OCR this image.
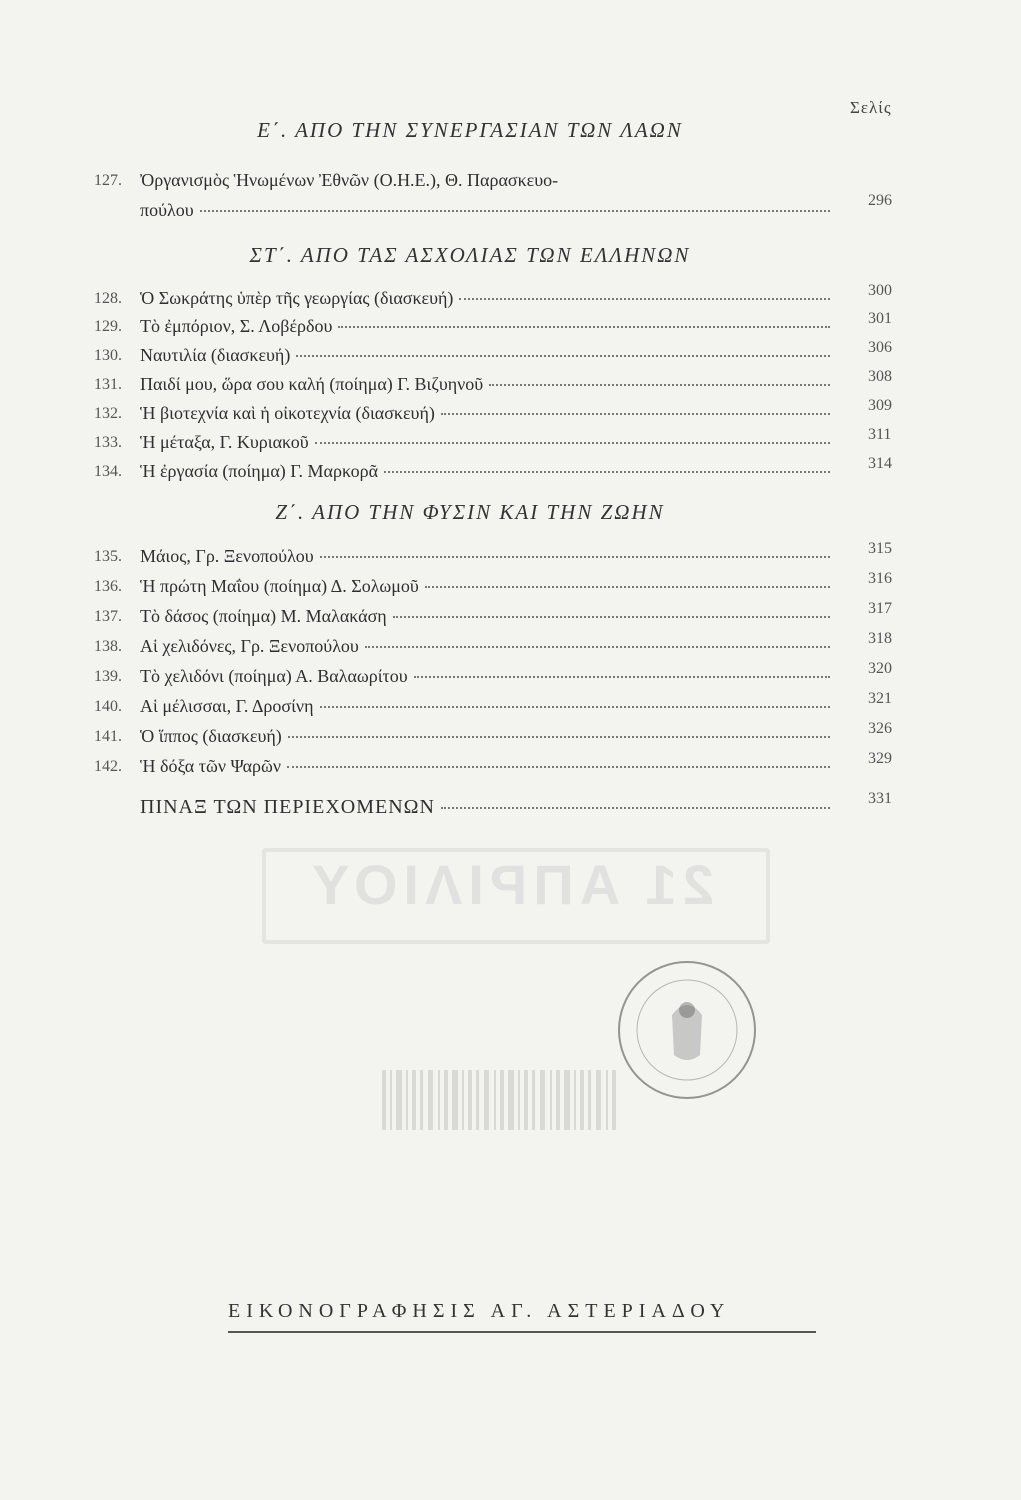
Σελίς
Ε΄. ΑΠΟ ΤΗΝ ΣΥΝΕΡΓΑΣΙΑΝ ΤΩΝ ΛΑΩΝ
127. Ὀργανισμὸς Ἡνωμένων Ἐθνῶν (Ο.Η.Ε.), Θ. Παρασκευο-
πούλου	296
ΣΤ΄. ΑΠΟ ΤΑΣ ΑΣΧΟΛΙΑΣ ΤΩΝ ΕΛΛΗΝΩΝ
128. Ὁ Σωκράτης ὑπὲρ τῆς γεωργίας (διασκευή)	300
129. Τὸ ἐμπόριον, Σ. Λοβέρδου	301
130. Ναυτιλία (διασκευή)	306
131. Παιδί μου, ὥρα σου καλή (ποίημα) Γ. Βιζυηνοῦ	308
132. Ἡ βιοτεχνία καὶ ἡ οἰκοτεχνία (διασκευή)	309
133. Ἡ μέταξα, Γ. Κυριακοῦ	311
134. Ἡ ἐργασία (ποίημα) Γ. Μαρκορᾶ	314
Ζ΄. ΑΠΟ ΤΗΝ ΦΥΣΙΝ ΚΑΙ ΤΗΝ ΖΩΗΝ
135. Μάιος, Γρ. Ξενοπούλου	315
136. Ἡ πρώτη Μαΐου (ποίημα) Δ. Σολωμοῦ	316
137. Τὸ δάσος (ποίημα) Μ. Μαλακάση	317
138. Αἱ χελιδόνες, Γρ. Ξενοπούλου	318
139. Τὸ χελιδόνι (ποίημα) Α. Βαλαωρίτου	320
140. Αἱ μέλισσαι, Γ. Δροσίνη	321
141. Ὁ ἵππος (διασκευή)	326
142. Ἡ δόξα τῶν Ψαρῶν	329
ΠΙΝΑΞ ΤΩΝ ΠΕΡΙΕΧΟΜΕΝΩΝ	331
21 ΑΠΡΙΛΙΟΥ
ΕΙΚΟΝΟΓΡΑΦΗΣΙΣ ΑΓ. ΑΣΤΕΡΙΑΔΟΥ
